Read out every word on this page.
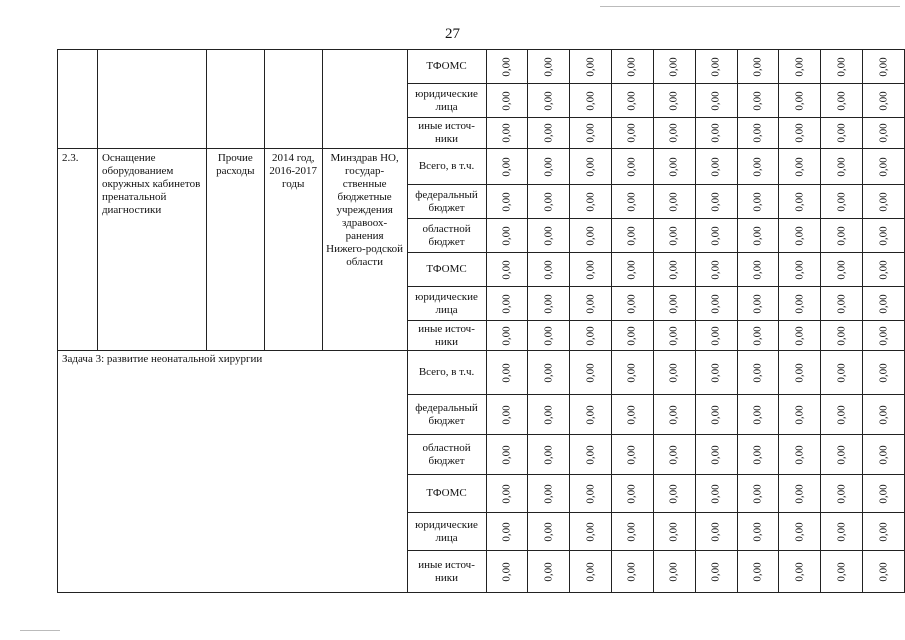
27
					ТФОМС	0,00	0,00	0,00	0,00	0,00	0,00	0,00	0,00	0,00	0,00

					юридические лица	0,00	0,00	0,00	0,00	0,00	0,00	0,00	0,00	0,00	0,00

					иные источ-ники	0,00	0,00	0,00	0,00	0,00	0,00	0,00	0,00	0,00	0,00

2.3.	Оснащение оборудованием окружных кабинетов пренатальной диагностики	Прочие расходы	2014 год, 2016-2017 годы	Минздрав НО, государ-ственные бюджетные учреждения здравоох-ранения Нижего-родской области	Всего, в т.ч.	0,00	0,00	0,00	0,00	0,00	0,00	0,00	0,00	0,00	0,00

					федеральный бюджет	0,00	0,00	0,00	0,00	0,00	0,00	0,00	0,00	0,00	0,00

					областной бюджет	0,00	0,00	0,00	0,00	0,00	0,00	0,00	0,00	0,00	0,00

					ТФОМС	0,00	0,00	0,00	0,00	0,00	0,00	0,00	0,00	0,00	0,00

					юридические лица	0,00	0,00	0,00	0,00	0,00	0,00	0,00	0,00	0,00	0,00

					иные источ-ники	0,00	0,00	0,00	0,00	0,00	0,00	0,00	0,00	0,00	0,00

Задача 3: развитие неонатальной хирургии					Всего, в т.ч.	0,00	0,00	0,00	0,00	0,00	0,00	0,00	0,00	0,00	0,00

					федеральный бюджет	0,00	0,00	0,00	0,00	0,00	0,00	0,00	0,00	0,00	0,00

					областной бюджет	0,00	0,00	0,00	0,00	0,00	0,00	0,00	0,00	0,00	0,00

					ТФОМС	0,00	0,00	0,00	0,00	0,00	0,00	0,00	0,00	0,00	0,00

					юридические лица	0,00	0,00	0,00	0,00	0,00	0,00	0,00	0,00	0,00	0,00

					иные источ-ники	0,00	0,00	0,00	0,00	0,00	0,00	0,00	0,00	0,00	0,00
